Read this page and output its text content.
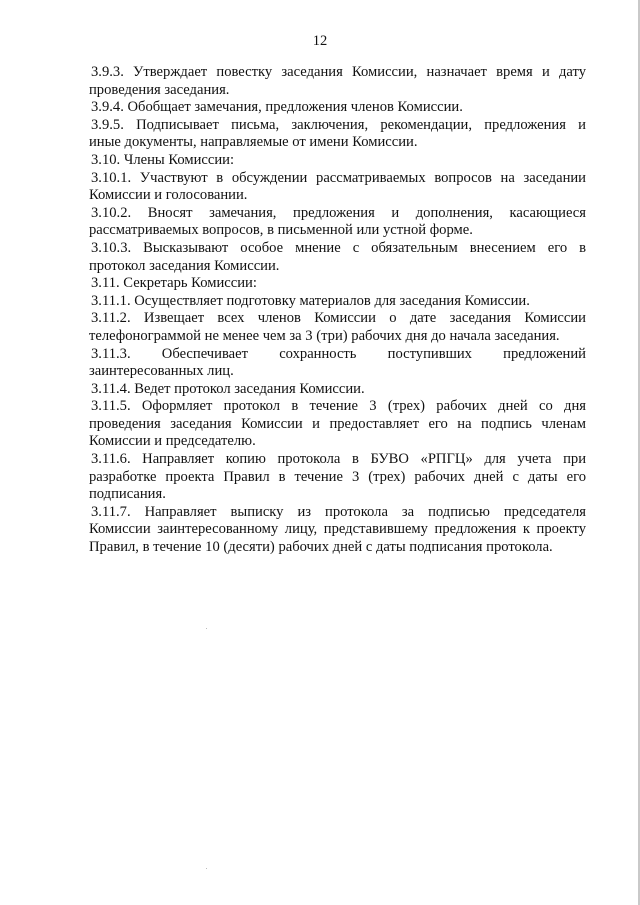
12
3.9.3. Утверждает повестку заседания Комиссии, назначает время и дату
проведения заседания.
3.9.4. Обобщает замечания, предложения членов Комиссии.
3.9.5. Подписывает письма, заключения, рекомендации, предложения и
иные документы, направляемые от имени Комиссии.
3.10. Члены Комиссии:
3.10.1. Участвуют в обсуждении рассматриваемых вопросов на заседании
Комиссии и голосовании.
3.10.2. Вносят замечания, предложения и дополнения, касающиеся
рассматриваемых вопросов, в письменной или устной форме.
3.10.3. Высказывают особое мнение с обязательным внесением его в
протокол заседания Комиссии.
3.11. Секретарь Комиссии:
3.11.1. Осуществляет подготовку материалов для заседания Комиссии.
3.11.2. Извещает всех членов Комиссии о дате заседания Комиссии
телефонограммой не менее чем за 3 (три) рабочих дня до начала заседания.
3.11.3. Обеспечивает сохранность поступивших предложений
заинтересованных лиц.
3.11.4. Ведет протокол заседания Комиссии.
3.11.5. Оформляет протокол в течение 3 (трех) рабочих дней со дня
проведения заседания Комиссии и предоставляет его на подпись членам
Комиссии и председателю.
3.11.6. Направляет копию протокола в БУВО «РПГЦ» для учета при
разработке проекта Правил в течение 3 (трех) рабочих дней с даты его
подписания.
3.11.7. Направляет выписку из протокола за подписью председателя
Комиссии заинтересованному лицу, представившему предложения к проекту
Правил, в течение 10 (десяти) рабочих дней с даты подписания протокола.
